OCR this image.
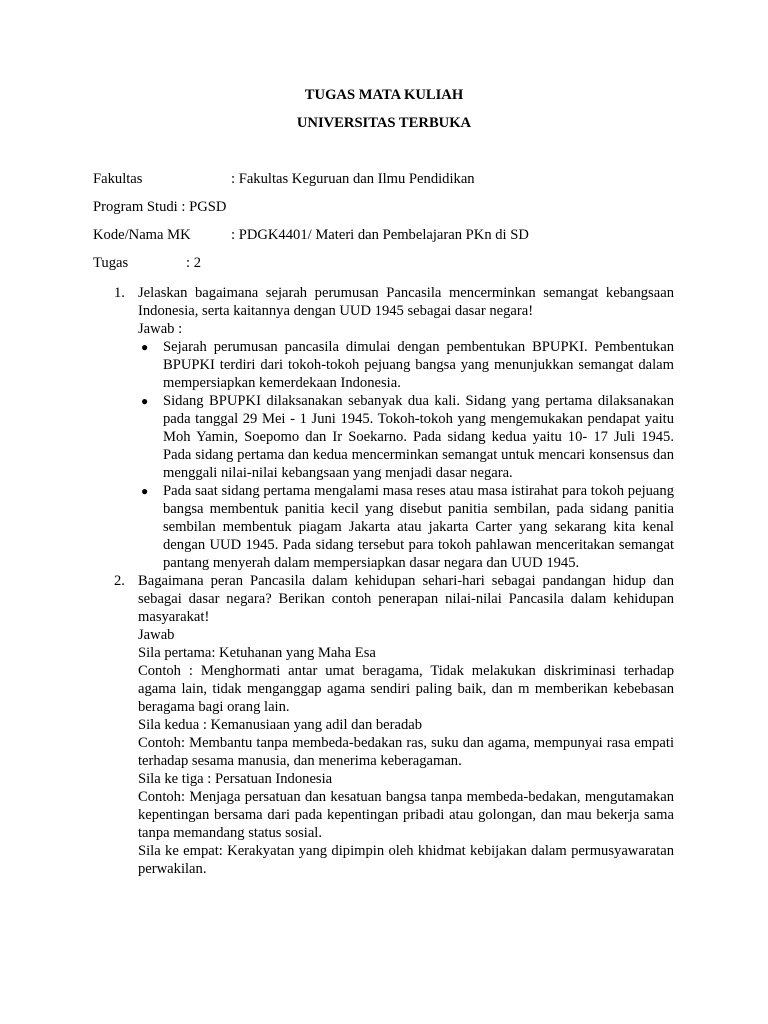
TUGAS MATA KULIAH
UNIVERSITAS TERBUKA
Fakultas	: Fakultas Keguruan dan Ilmu Pendidikan
Program Studi : PGSD
Kode/Nama MK	: PDGK4401/ Materi dan Pembelajaran PKn di SD
Tugas	: 2
1. Jelaskan bagaimana sejarah perumusan Pancasila mencerminkan semangat kebangsaan Indonesia, serta kaitannya dengan UUD 1945 sebagai dasar negara!
Jawab :
● Sejarah perumusan pancasila dimulai dengan pembentukan BPUPKI. Pembentukan BPUPKI terdiri dari tokoh-tokoh pejuang bangsa yang menunjukkan semangat dalam mempersiapkan kemerdekaan Indonesia.
● Sidang BPUPKI dilaksanakan sebanyak dua kali. Sidang yang pertama dilaksanakan pada tanggal 29 Mei - 1 Juni 1945. Tokoh-tokoh yang mengemukakan pendapat yaitu Moh Yamin, Soepomo dan Ir Soekarno. Pada sidang kedua yaitu 10- 17 Juli 1945. Pada sidang pertama dan kedua mencerminkan semangat untuk mencari konsensus dan menggali nilai-nilai kebangsaan yang menjadi dasar negara.
● Pada saat sidang pertama mengalami masa reses atau masa istirahat para tokoh pejuang bangsa membentuk panitia kecil yang disebut panitia sembilan, pada sidang panitia sembilan membentuk piagam Jakarta atau jakarta Carter yang sekarang kita kenal dengan UUD 1945. Pada sidang tersebut para tokoh pahlawan menceritakan semangat pantang menyerah dalam mempersiapkan dasar negara dan UUD 1945.
2. Bagaimana peran Pancasila dalam kehidupan sehari-hari sebagai pandangan hidup dan sebagai dasar negara? Berikan contoh penerapan nilai-nilai Pancasila dalam kehidupan masyarakat!
Jawab
Sila pertama: Ketuhanan yang Maha Esa
Contoh : Menghormati antar umat beragama, Tidak melakukan diskriminasi terhadap agama lain, tidak menganggap agama sendiri paling baik, dan m memberikan kebebasan beragama bagi orang lain.
Sila kedua : Kemanusiaan yang adil dan beradab
Contoh: Membantu tanpa membeda-bedakan ras, suku dan agama, mempunyai rasa empati terhadap sesama manusia, dan menerima keberagaman.
Sila ke tiga : Persatuan Indonesia
Contoh: Menjaga persatuan dan kesatuan bangsa tanpa membeda-bedakan, mengutamakan kepentingan bersama dari pada kepentingan pribadi atau golongan, dan mau bekerja sama tanpa memandang status sosial.
Sila ke empat: Kerakyatan yang dipimpin oleh khidmat kebijakan dalam permusyawaratan perwakilan.
